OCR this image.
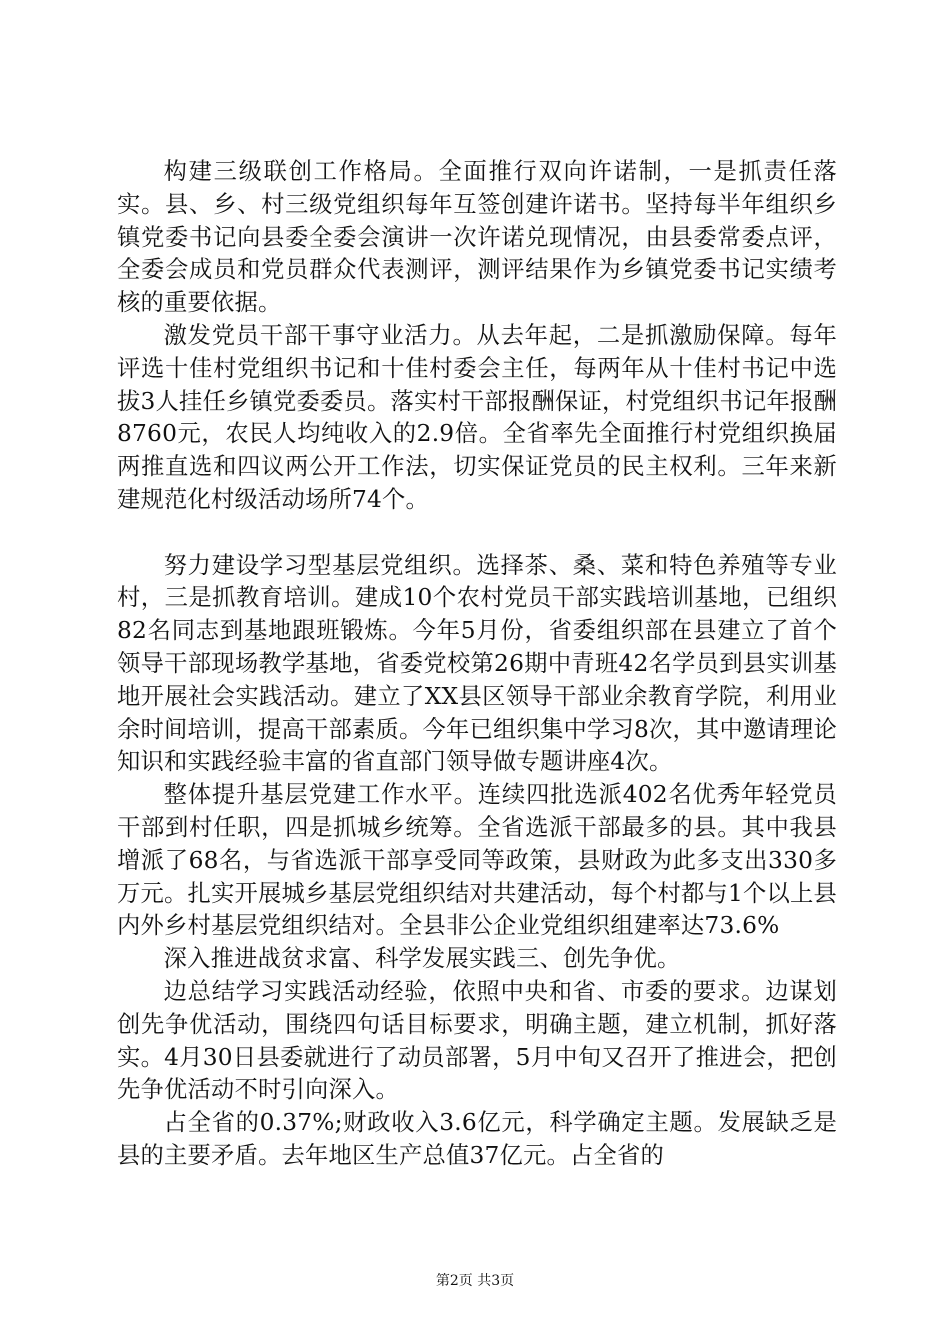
构建三级联创工作格局。全面推行双向许诺制，一是抓责任落实。县、乡、村三级党组织每年互签创建许诺书。坚持每半年组织乡镇党委书记向县委全委会演讲一次许诺兑现情况，由县委常委点评，全委会成员和党员群众代表测评，测评结果作为乡镇党委书记实绩考核的重要依据。

激发党员干部干事守业活力。从去年起，二是抓激励保障。每年评选十佳村党组织书记和十佳村委会主任，每两年从十佳村书记中选拔3人挂任乡镇党委委员。落实村干部报酬保证，村党组织书记年报酬8760元，农民人均纯收入的2.9倍。全省率先全面推行村党组织换届两推直选和四议两公开工作法，切实保证党员的民主权利。三年来新建规范化村级活动场所74个。

努力建设学习型基层党组织。选择茶、桑、菜和特色养殖等专业村，三是抓教育培训。建成10个农村党员干部实践培训基地，已组织82名同志到基地跟班锻炼。今年5月份，省委组织部在县建立了首个领导干部现场教学基地，省委党校第26期中青班42名学员到县实训基地开展社会实践活动。建立了XX县区领导干部业余教育学院，利用业余时间培训，提高干部素质。今年已组织集中学习8次，其中邀请理论知识和实践经验丰富的省直部门领导做专题讲座4次。

整体提升基层党建工作水平。连续四批选派402名优秀年轻党员干部到村任职，四是抓城乡统筹。全省选派干部最多的县。其中我县增派了68名，与省选派干部享受同等政策，县财政为此多支出330多万元。扎实开展城乡基层党组织结对共建活动，每个村都与1个以上县内外乡村基层党组织结对。全县非公企业党组织组建率达73.6%

深入推进战贫求富、科学发展实践三、创先争优。

边总结学习实践活动经验，依照中央和省、市委的要求。边谋划创先争优活动，围绕四句话目标要求，明确主题，建立机制，抓好落实。4月30日县委就进行了动员部署，5月中旬又召开了推进会，把创先争优活动不时引向深入。

占全省的0.37%;财政收入3.6亿元，科学确定主题。发展缺乏是县的主要矛盾。去年地区生产总值37亿元。占全省的

第2页 共3页
